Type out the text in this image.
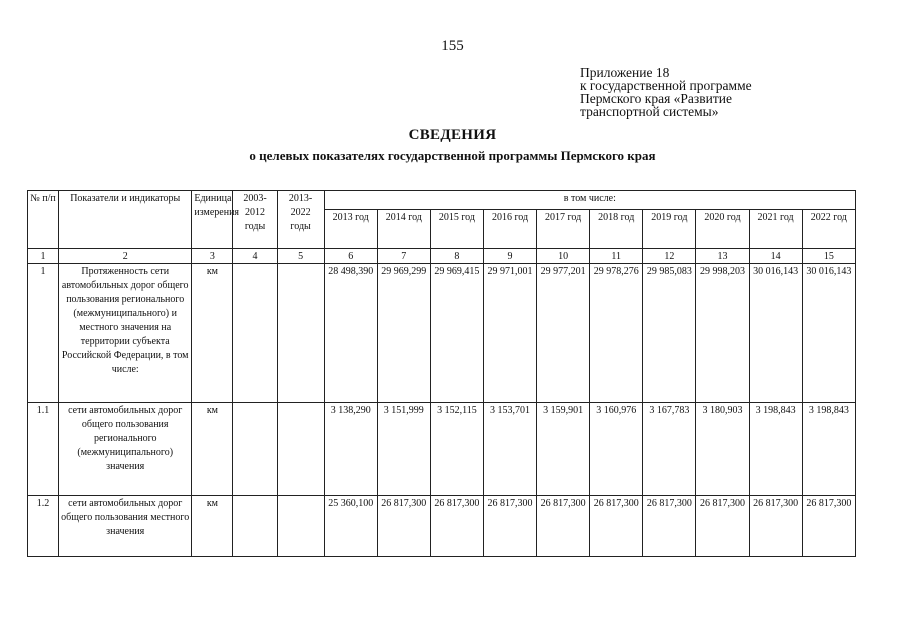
155
Приложение 18
к государственной программе
Пермского края «Развитие
транспортной системы»
СВЕДЕНИЯ
о целевых показателях государственной программы Пермского края
№ п/п	Показатели и индикаторы	Единица измерения	2003-2012 годы	2013-2022 годы	в том числе:									
					2013 год	2014 год	2015 год	2016 год	2017 год	2018 год	2019 год	2020 год	2021 год	2022 год
1	2	3	4	5	6	7	8	9	10	11	12	13	14	15
1	Протяженность сети автомобильных дорог общего пользования регионального (межмуниципального) и местного значения на территории субъекта Российской Федерации, в том числе:	км			28 498,390	29 969,299	29 969,415	29 971,001	29 977,201	29 978,276	29 985,083	29 998,203	30 016,143	30 016,143
1.1	сети автомобильных дорог общего пользования регионального (межмуниципального) значения	км			3 138,290	3 151,999	3 152,115	3 153,701	3 159,901	3 160,976	3 167,783	3 180,903	3 198,843	3 198,843
1.2	сети автомобильных дорог общего пользования местного значения	км			25 360,100	26 817,300	26 817,300	26 817,300	26 817,300	26 817,300	26 817,300	26 817,300	26 817,300	26 817,300
